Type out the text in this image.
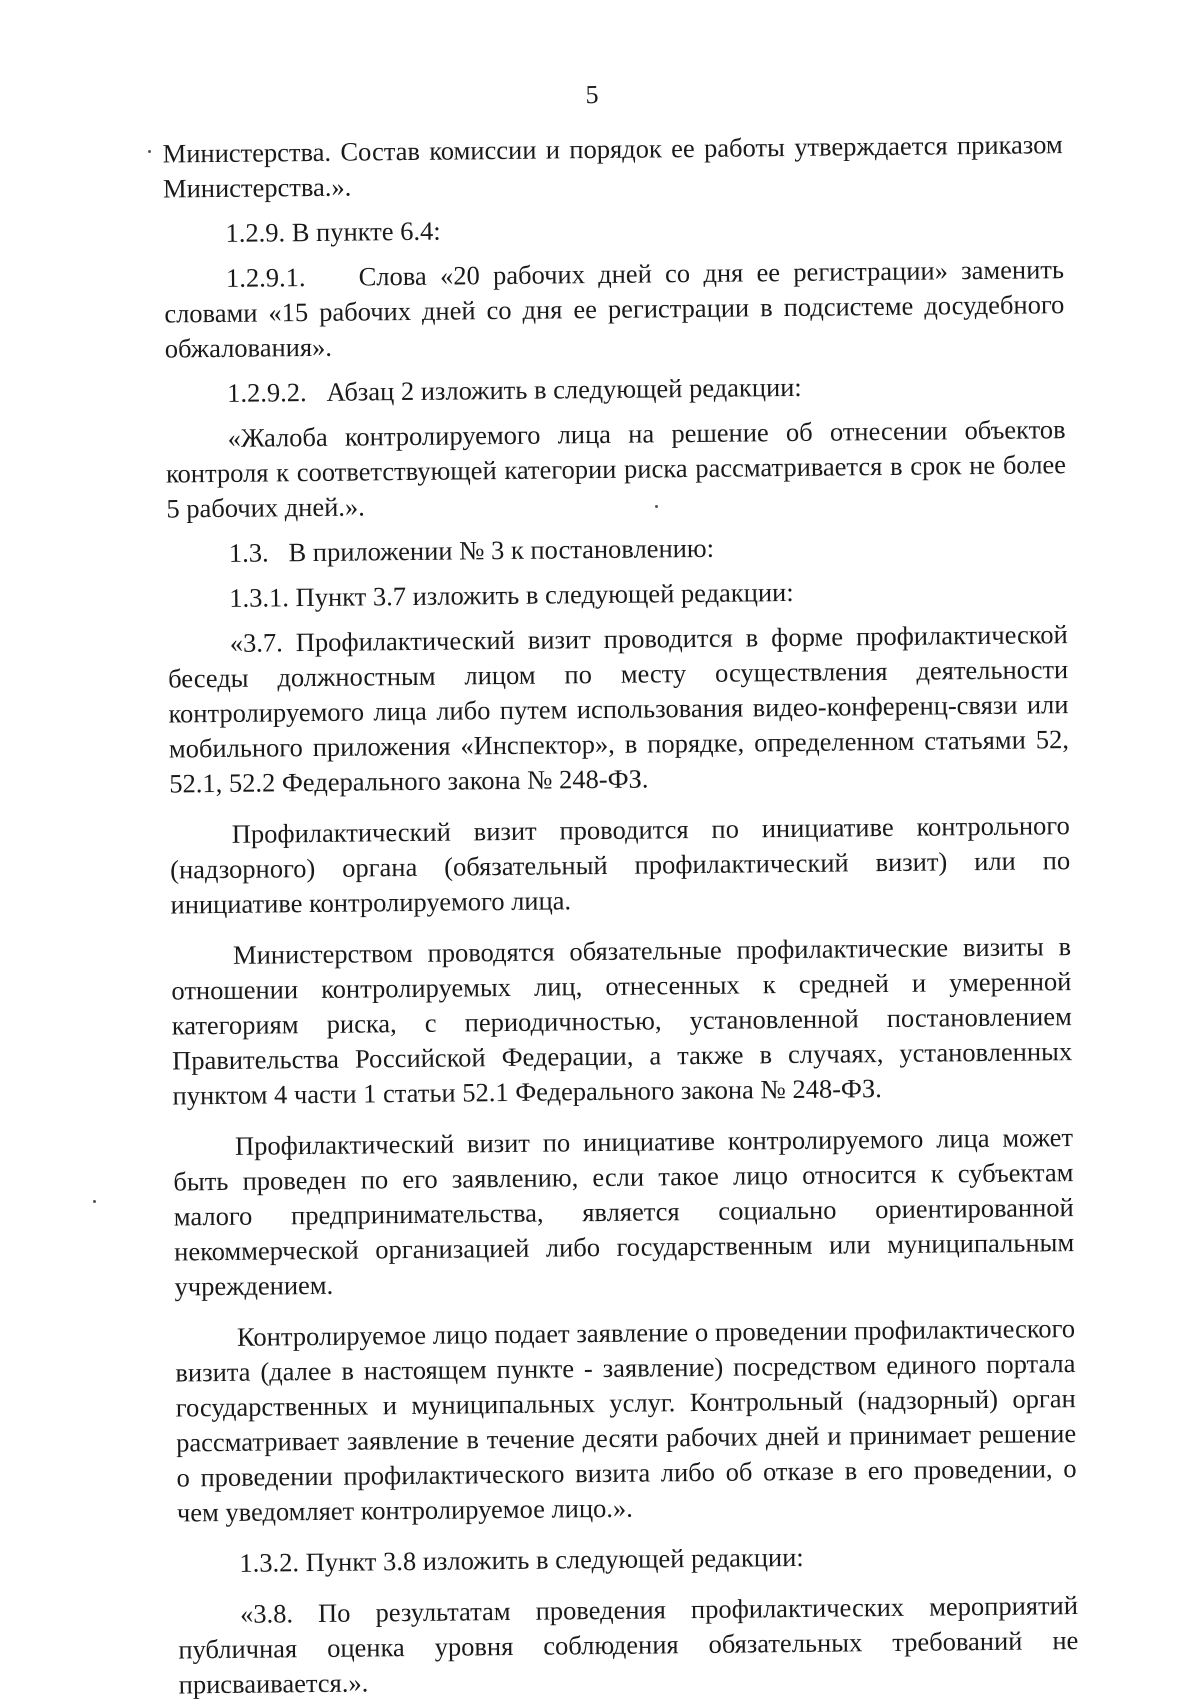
5

Министерства. Состав комиссии и порядок ее работы утверждается приказом Министерства.».

1.2.9. В пункте 6.4:

1.2.9.1.    Слова «20 рабочих дней со дня ее регистрации» заменить словами «15 рабочих дней со дня ее регистрации в подсистеме досудебного обжалования».

1.2.9.2.   Абзац 2 изложить в следующей редакции:

«Жалоба контролируемого лица на решение об отнесении объектов контроля к соответствующей категории риска рассматривается в срок не более 5 рабочих дней.».

1.3.   В приложении № 3 к постановлению:

1.3.1. Пункт 3.7 изложить в следующей редакции:

«3.7. Профилактический визит проводится в форме профилактической беседы должностным лицом по месту осуществления деятельности контролируемого лица либо путем использования видео-конференц-связи или мобильного приложения «Инспектор», в порядке, определенном статьями 52, 52.1, 52.2 Федерального закона № 248-ФЗ.

Профилактический визит проводится по инициативе контрольного (надзорного) органа (обязательный профилактический визит) или по инициативе контролируемого лица.

Министерством проводятся обязательные профилактические визиты в отношении контролируемых лиц, отнесенных к средней и умеренной категориям риска, с периодичностью, установленной постановлением Правительства Российской Федерации, а также в случаях, установленных пунктом 4 части 1 статьи 52.1 Федерального закона № 248-ФЗ.

Профилактический визит по инициативе контролируемого лица может быть проведен по его заявлению, если такое лицо относится к субъектам малого предпринимательства, является социально ориентированной некоммерческой организацией либо государственным или муниципальным учреждением.

Контролируемое лицо подает заявление о проведении профилактического визита (далее в настоящем пункте - заявление) посредством единого портала государственных и муниципальных услуг. Контрольный (надзорный) орган рассматривает заявление в течение десяти рабочих дней и принимает решение о проведении профилактического визита либо об отказе в его проведении, о чем уведомляет контролируемое лицо.».

1.3.2. Пункт 3.8 изложить в следующей редакции:

«3.8. По результатам проведения профилактических мероприятий публичная оценка уровня соблюдения обязательных требований не присваивается.».
